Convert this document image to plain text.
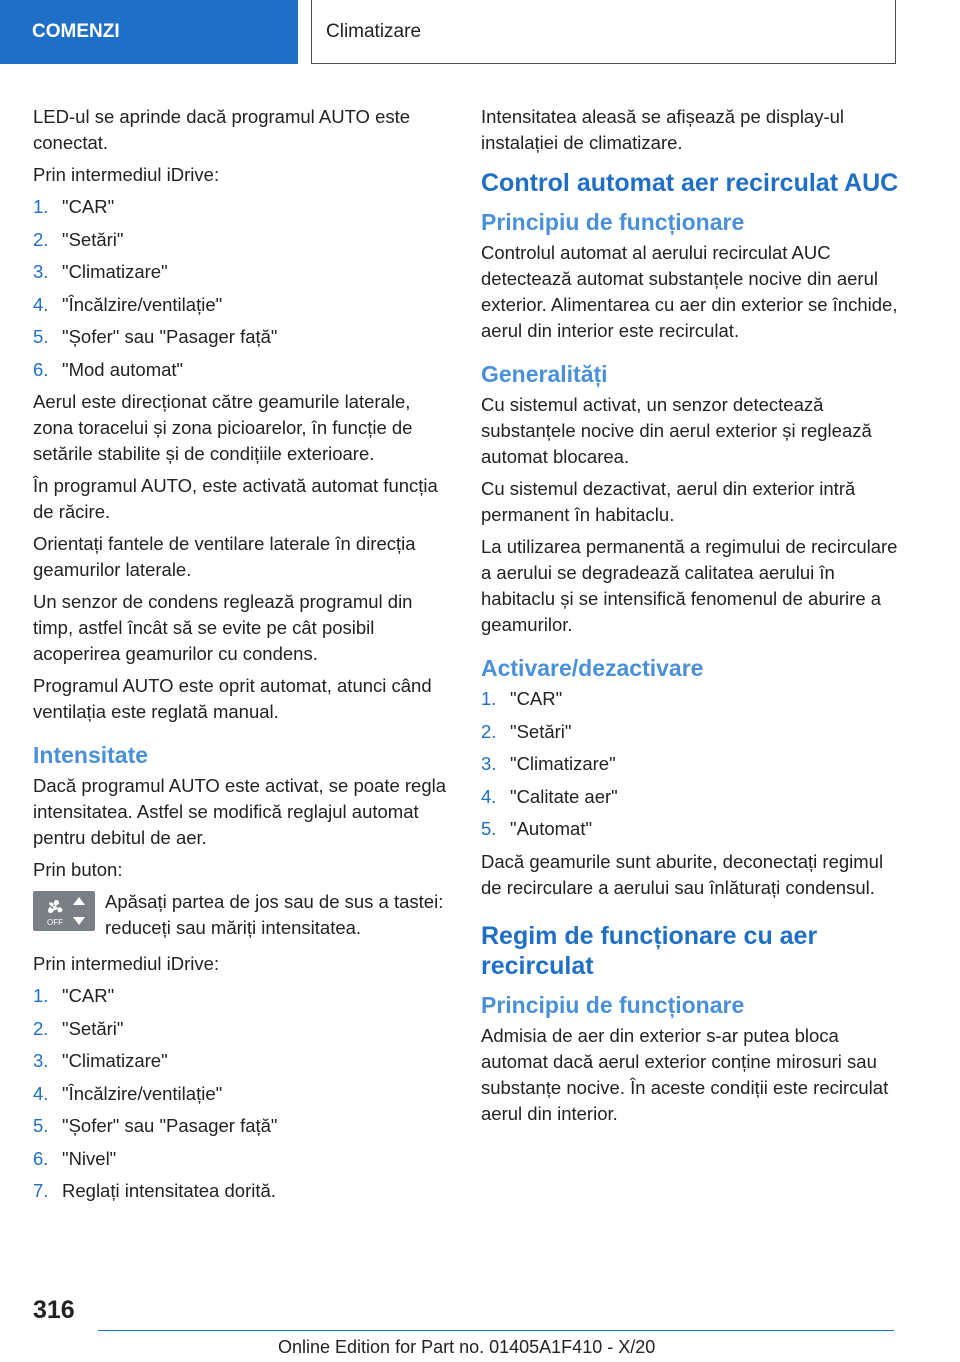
COMENZI	Climatizare

LED-ul se aprinde dacă programul AUTO este conectat.

Prin intermediul iDrive:

1. "CAR"
2. "Setări"
3. "Climatizare"
4. "Încălzire/ventilație"
5. "Șofer" sau "Pasager față"
6. "Mod automat"

Aerul este direcționat către geamurile laterale, zona toracelui și zona picioarelor, în funcție de setările stabilite și de condițiile exterioare.

În programul AUTO, este activată automat funcția de răcire.

Orientați fantele de ventilare laterale în direcția geamurilor laterale.

Un senzor de condens reglează programul din timp, astfel încât să se evite pe cât posibil acoperirea geamurilor cu condens.

Programul AUTO este oprit automat, atunci când ventilația este reglată manual.

Intensitate

Dacă programul AUTO este activat, se poate regla intensitatea. Astfel se modifică reglajul automat pentru debitul de aer.

Prin buton:

OFF
Apăsați partea de jos sau de sus a tastei: reduceți sau măriți intensitatea.

Prin intermediul iDrive:

1. "CAR"
2. "Setări"
3. "Climatizare"
4. "Încălzire/ventilație"
5. "Șofer" sau "Pasager față"
6. "Nivel"
7. Reglați intensitatea dorită.

Intensitatea aleasă se afișează pe display-ul instalației de climatizare.

Control automat aer recirculat AUC
Principiu de funcționare

Controlul automat al aerului recirculat AUC detectează automat substanțele nocive din aerul exterior. Alimentarea cu aer din exterior se închide, aerul din interior este recirculat.

Generalități

Cu sistemul activat, un senzor detectează substanțele nocive din aerul exterior și reglează automat blocarea.

Cu sistemul dezactivat, aerul din exterior intră permanent în habitaclu.

La utilizarea permanentă a regimului de recirculare a aerului se degradează calitatea aerului în habitaclu și se intensifică fenomenul de aburire a geamurilor.

Activare/dezactivare
1. "CAR"
2. "Setări"
3. "Climatizare"
4. "Calitate aer"
5. "Automat"

Dacă geamurile sunt aburite, deconectați regimul de recirculare a aerului sau înlăturați condensul.

Regim de funcționare cu aer recirculat
Principiu de funcționare

Admisia de aer din exterior s-ar putea bloca automat dacă aerul exterior conține mirosuri sau substanțe nocive. În aceste condiții este recirculat aerul din interior.

316
Online Edition for Part no. 01405A1F410 - X/20
